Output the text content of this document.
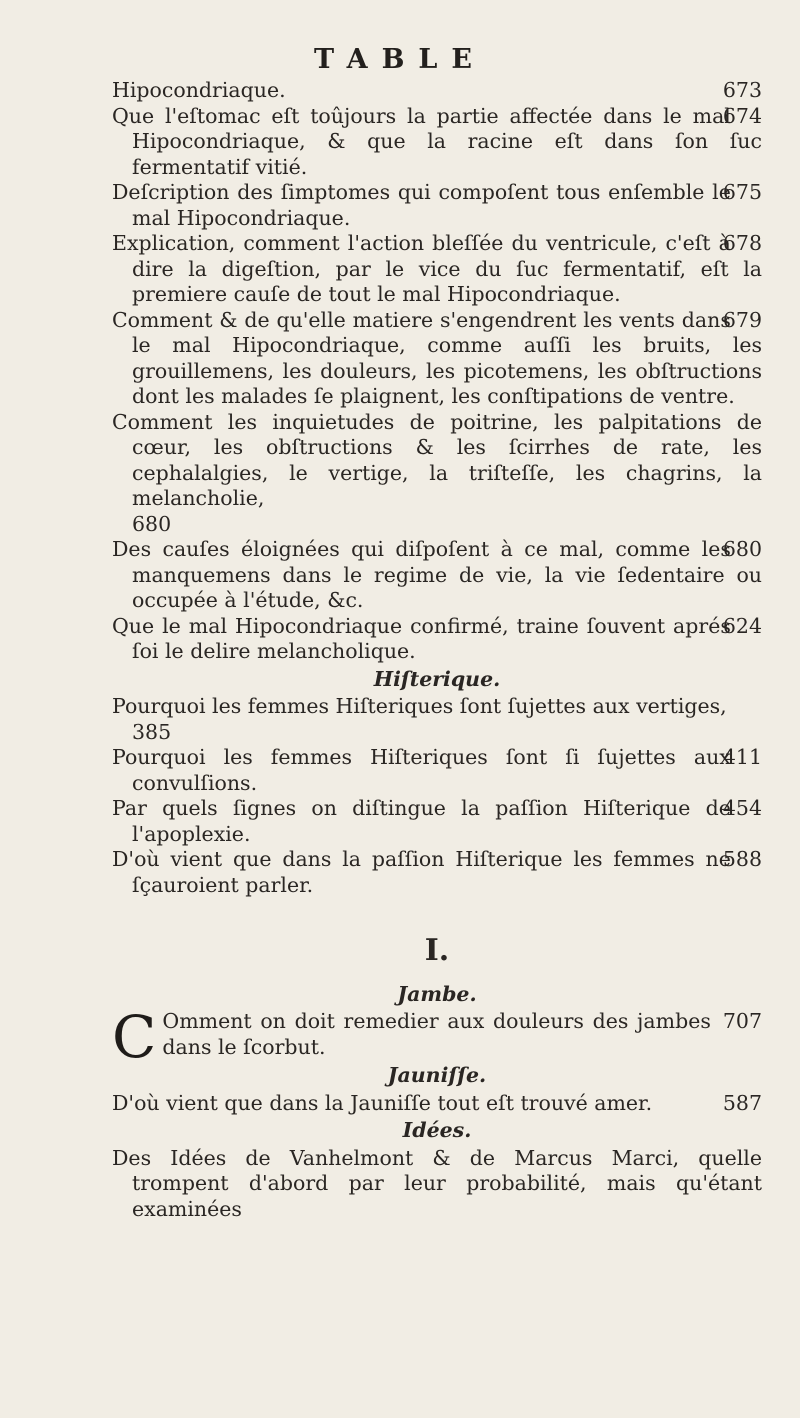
TABLE

673
Hipocondriaque.

674
Que l'eſtomac eſt toûjours la partie affectée dans le mal Hipocondriaque, & que la racine eſt dans ſon ſuc fermentatif vitié.

675
Deſcription des ſimptomes qui compoſent tous enſemble le mal Hipocondriaque.

678
Explication, comment l'action bleſſée du ventricule, c'eſt à dire la digeſtion, par le vice du ſuc fermentatif, eſt la premiere cauſe de tout le mal Hipocondriaque.

679
Comment & de qu'elle matiere s'engendrent les vents dans le mal Hipocondriaque, comme auſſi les bruits, les grouillemens, les douleurs, les picotemens, les obſtructions dont les malades ſe plaignent, les conſtipations de ventre.

Comment les inquietudes de poitrine, les palpitations de cœur, les obſtructions & les ſcirrhes de rate, les cephalalgies, le vertige, la triſteſſe, les chagrins, la melancholie,
680

680
Des cauſes éloignées qui diſpoſent à ce mal, comme les manquemens dans le regime de vie, la vie ſedentaire ou occupée à l'étude, &c.

624
Que le mal Hipocondriaque confirmé, traine ſouvent aprés ſoi le delire melancholique.

Hiſterique.

Pourquoi les femmes Hiſteriques ſont ſujettes aux vertiges,
385

411
Pourquoi les femmes Hiſteriques ſont ſi ſujettes aux convulſions.

454
Par quels ſignes on diſtingue la paſſion Hiſterique de l'apoplexie.

588
D'où vient que dans la paſſion Hiſterique les femmes ne ſçauroient parler.

I.

Jambe.

C	707
Omment on doit remedier aux douleurs des jambes dans le ſcorbut.

Jauniſſe.

587
D'où vient que dans la Jauniſſe tout eſt trouvé amer.

Idées.

Des Idées de Vanhelmont & de Marcus Marci, quelle trompent d'abord par leur probabilité, mais qu'étant examinées
